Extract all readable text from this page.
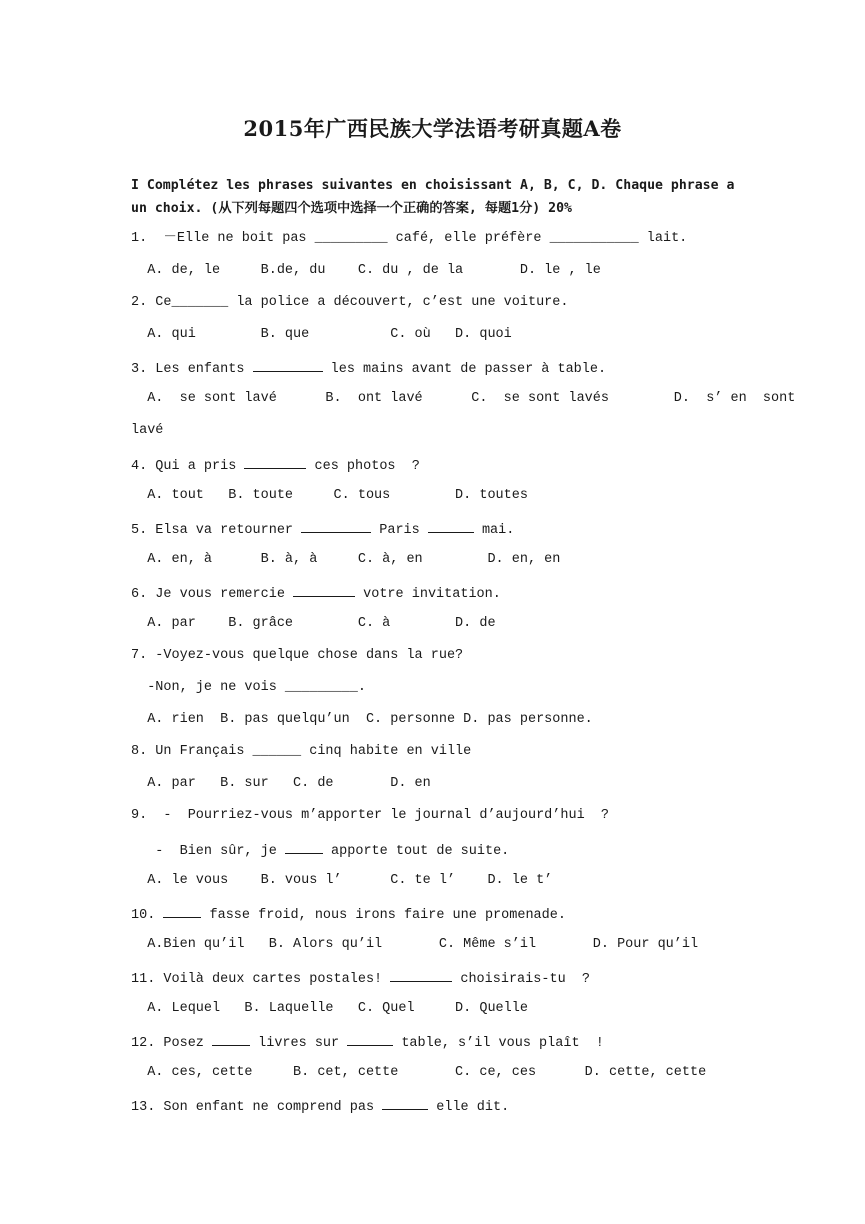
2015年广西民族大学法语考研真题A卷
I Complétez les phrases suivantes en choisissant A, B, C, D. Chaque phrase a un choix. (从下列每题四个选项中选择一个正确的答案, 每题1分) 20%
1.  －Elle ne boit pas _________ café, elle préfère ___________ lait.
A. de, le     B.de, du    C. du , de la       D. le , le
2. Ce_______ la police a découvert, c’est une voiture.
A. qui        B. que          C. où   D. quoi
3. Les enfants	les mains avant de passer à table.
A.  se sont lavé      B.  ont lavé      C.  se sont lavés        D.  s’ en  sont
lavé
4. Qui a pris	ces photos  ?
A. tout   B. toute     C. tous        D. toutes
5. Elsa va retourner	Paris	mai.
A. en, à      B. à, à     C. à, en        D. en, en
6. Je vous remercie	votre invitation.
A. par    B. grâce        C. à        D. de
7. -Voyez-vous quelque chose dans la rue?
-Non, je ne vois _________.
A. rien  B. pas quelqu’un  C. personne D. pas personne.
8. Un Français ______ cinq habite en ville
A. par   B. sur   C. de       D. en
9.  -  Pourriez-vous m’apporter le journal d’aujourd’hui  ?
-  Bien sûr, je	apporte tout de suite.
A. le vous    B. vous l’      C. te l’    D. le t’
10.	fasse froid, nous irons faire une promenade.
A.Bien qu’il   B. Alors qu’il       C. Même s’il       D. Pour qu’il
11. Voilà deux cartes postales!	choisirais-tu  ?
A. Lequel   B. Laquelle   C. Quel     D. Quelle
12. Posez	livres sur	table, s’il vous plaît  !
A. ces, cette     B. cet, cette       C. ce, ces      D. cette, cette
13. Son enfant ne comprend pas	elle dit.
